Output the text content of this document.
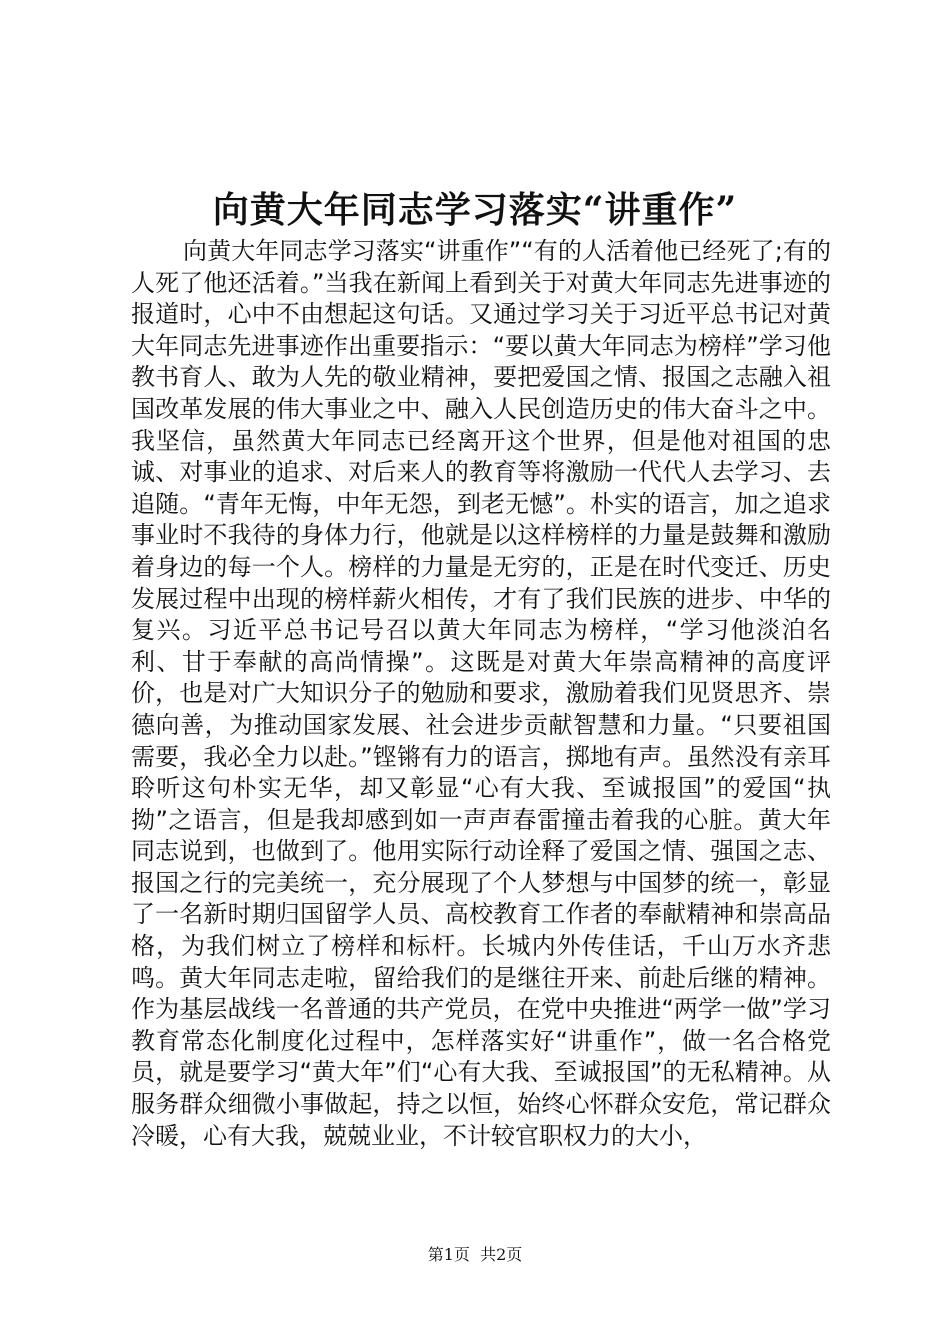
向黄大年同志学习落实“讲重作”

向黄大年同志学习落实“讲重作”“有的人活着他已经死了;有的人死了他还活着。”当我在新闻上看到关于对黄大年同志先进事迹的报道时，心中不由想起这句话。又通过学习关于习近平总书记对黄大年同志先进事迹作出重要指示：“要以黄大年同志为榜样”学习他教书育人、敢为人先的敬业精神，要把爱国之情、报国之志融入祖国改革发展的伟大事业之中、融入人民创造历史的伟大奋斗之中。我坚信，虽然黄大年同志已经离开这个世界，但是他对祖国的忠诚、对事业的追求、对后来人的教育等将激励一代代人去学习、去追随。“青年无悔，中年无怨，到老无憾”。朴实的语言，加之追求事业时不我待的身体力行，他就是以这样榜样的力量是鼓舞和激励着身边的每一个人。榜样的力量是无穷的，正是在时代变迁、历史发展过程中出现的榜样薪火相传，才有了我们民族的进步、中华的复兴。习近平总书记号召以黄大年同志为榜样，“学习他淡泊名利、甘于奉献的高尚情操”。这既是对黄大年崇高精神的高度评价，也是对广大知识分子的勉励和要求，激励着我们见贤思齐、崇德向善，为推动国家发展、社会进步贡献智慧和力量。“只要祖国需要，我必全力以赴。”铿锵有力的语言，掷地有声。虽然没有亲耳聆听这句朴实无华，却又彰显“心有大我、至诚报国”的爱国“执拗”之语言，但是我却感到如一声声春雷撞击着我的心脏。黄大年同志说到，也做到了。他用实际行动诠释了爱国之情、强国之志、报国之行的完美统一，充分展现了个人梦想与中国梦的统一，彰显了一名新时期归国留学人员、高校教育工作者的奉献精神和崇高品格，为我们树立了榜样和标杆。长城内外传佳话，千山万水齐悲鸣。黄大年同志走啦，留给我们的是继往开来、前赴后继的精神。作为基层战线一名普通的共产党员，在党中央推进“两学一做”学习教育常态化制度化过程中，怎样落实好“讲重作”，做一名合格党员，就是要学习“黄大年”们“心有大我、至诚报国”的无私精神。从服务群众细微小事做起，持之以恒，始终心怀群众安危，常记群众冷暖，心有大我，兢兢业业，不计较官职权力的大小，

第1页  共2页
